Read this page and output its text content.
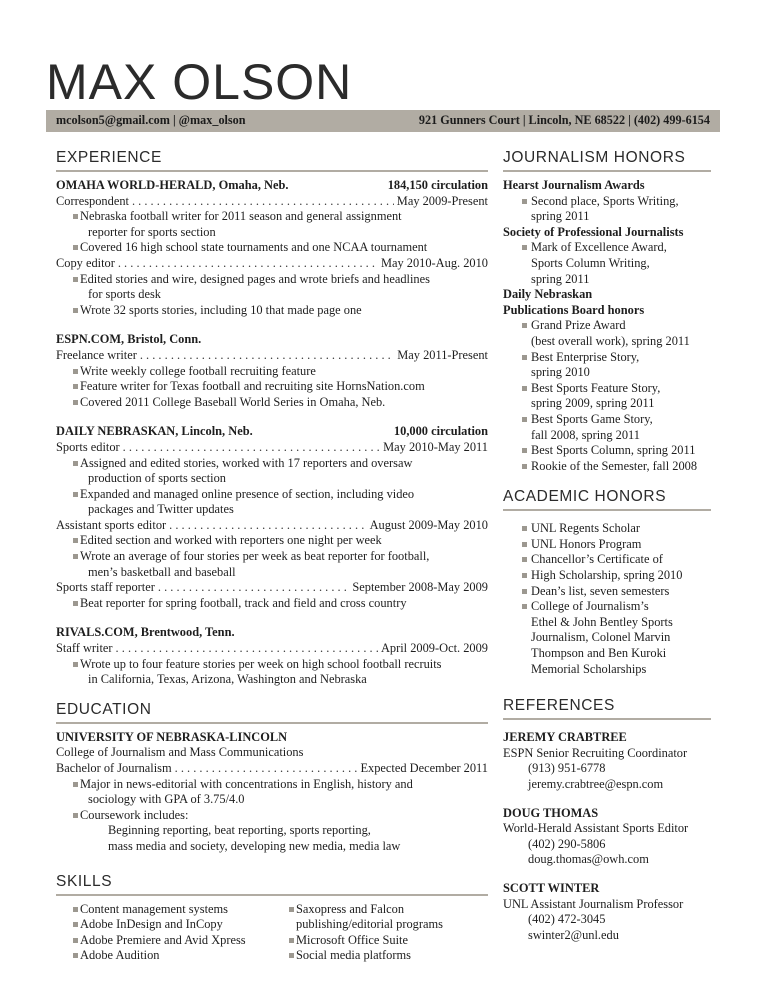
MAX OLSON
mcolson5@gmail.com | @max_olson	921 Gunners Court | Lincoln, NE 68522 | (402) 499-6154
EXPERIENCE
OMAHA WORLD-HERALD, Omaha, Neb.	184,150 circulation
Correspondent . . .	May 2009-Present
Nebraska football writer for 2011 season and general assignment
reporter for sports section
Covered 16 high school state tournaments and one NCAA tournament
Copy editor . . .	May 2010-Aug. 2010
Edited stories and wire, designed pages and wrote briefs and headlines
for sports desk
Wrote 32 sports stories, including 10 that made page one
ESPN.COM, Bristol, Conn.
Freelance writer . . .	May 2011-Present
Write weekly college football recruiting feature
Feature writer for Texas football and recruiting site HornsNation.com
Covered 2011 College Baseball World Series in Omaha, Neb.
DAILY NEBRASKAN, Lincoln, Neb.	10,000 circulation
Sports editor . . .	May 2010-May 2011
Assigned and edited stories, worked with 17 reporters and oversaw
production of sports section
Expanded and managed online presence of section, including video
packages and Twitter updates
Assistant sports editor . . .	August 2009-May 2010
Edited section and worked with reporters one night per week
Wrote an average of four stories per week as beat reporter for football,
men’s basketball and baseball
Sports staff reporter . . .	September 2008-May 2009
Beat reporter for spring football, track and field and cross country
RIVALS.COM, Brentwood, Tenn.
Staff writer . . .	April 2009-Oct. 2009
Wrote up to four feature stories per week on high school football recruits
in California, Texas, Arizona, Washington and Nebraska
EDUCATION
UNIVERSITY OF NEBRASKA-LINCOLN
College of Journalism and Mass Communications
Bachelor of Journalism . . .	Expected December 2011
Major in news-editorial with concentrations in English, history and
sociology with GPA of 3.75/4.0
Coursework includes:
Beginning reporting, beat reporting, sports reporting,
mass media and society, developing new media, media law
SKILLS
Content management systems
Adobe InDesign and InCopy
Adobe Premiere and Avid Xpress
Adobe Audition
Saxopress and Falcon
publishing/editorial programs
Microsoft Office Suite
Social media platforms
JOURNALISM HONORS
Hearst Journalism Awards
Second place, Sports Writing,
spring 2011
Society of Professional Journalists
Mark of Excellence Award,
Sports Column Writing,
spring 2011
Daily Nebraskan
Publications Board honors
Grand Prize Award
(best overall work), spring 2011
Best Enterprise Story,
spring 2010
Best Sports Feature Story,
spring 2009, spring 2011
Best Sports Game Story,
fall 2008, spring 2011
Best Sports Column, spring 2011
Rookie of the Semester, fall 2008
ACADEMIC HONORS
UNL Regents Scholar
UNL Honors Program
Chancellor’s Certificate of
High Scholarship, spring 2010
Dean’s list, seven semesters
College of Journalism’s
Ethel & John Bentley Sports
Journalism, Colonel Marvin
Thompson and Ben Kuroki
Memorial Scholarships
REFERENCES
JEREMY CRABTREE
ESPN Senior Recruiting Coordinator
(913) 951-6778
jeremy.crabtree@espn.com
DOUG THOMAS
World-Herald Assistant Sports Editor
(402) 290-5806
doug.thomas@owh.com
SCOTT WINTER
UNL Assistant Journalism Professor
(402) 472-3045
swinter2@unl.edu
